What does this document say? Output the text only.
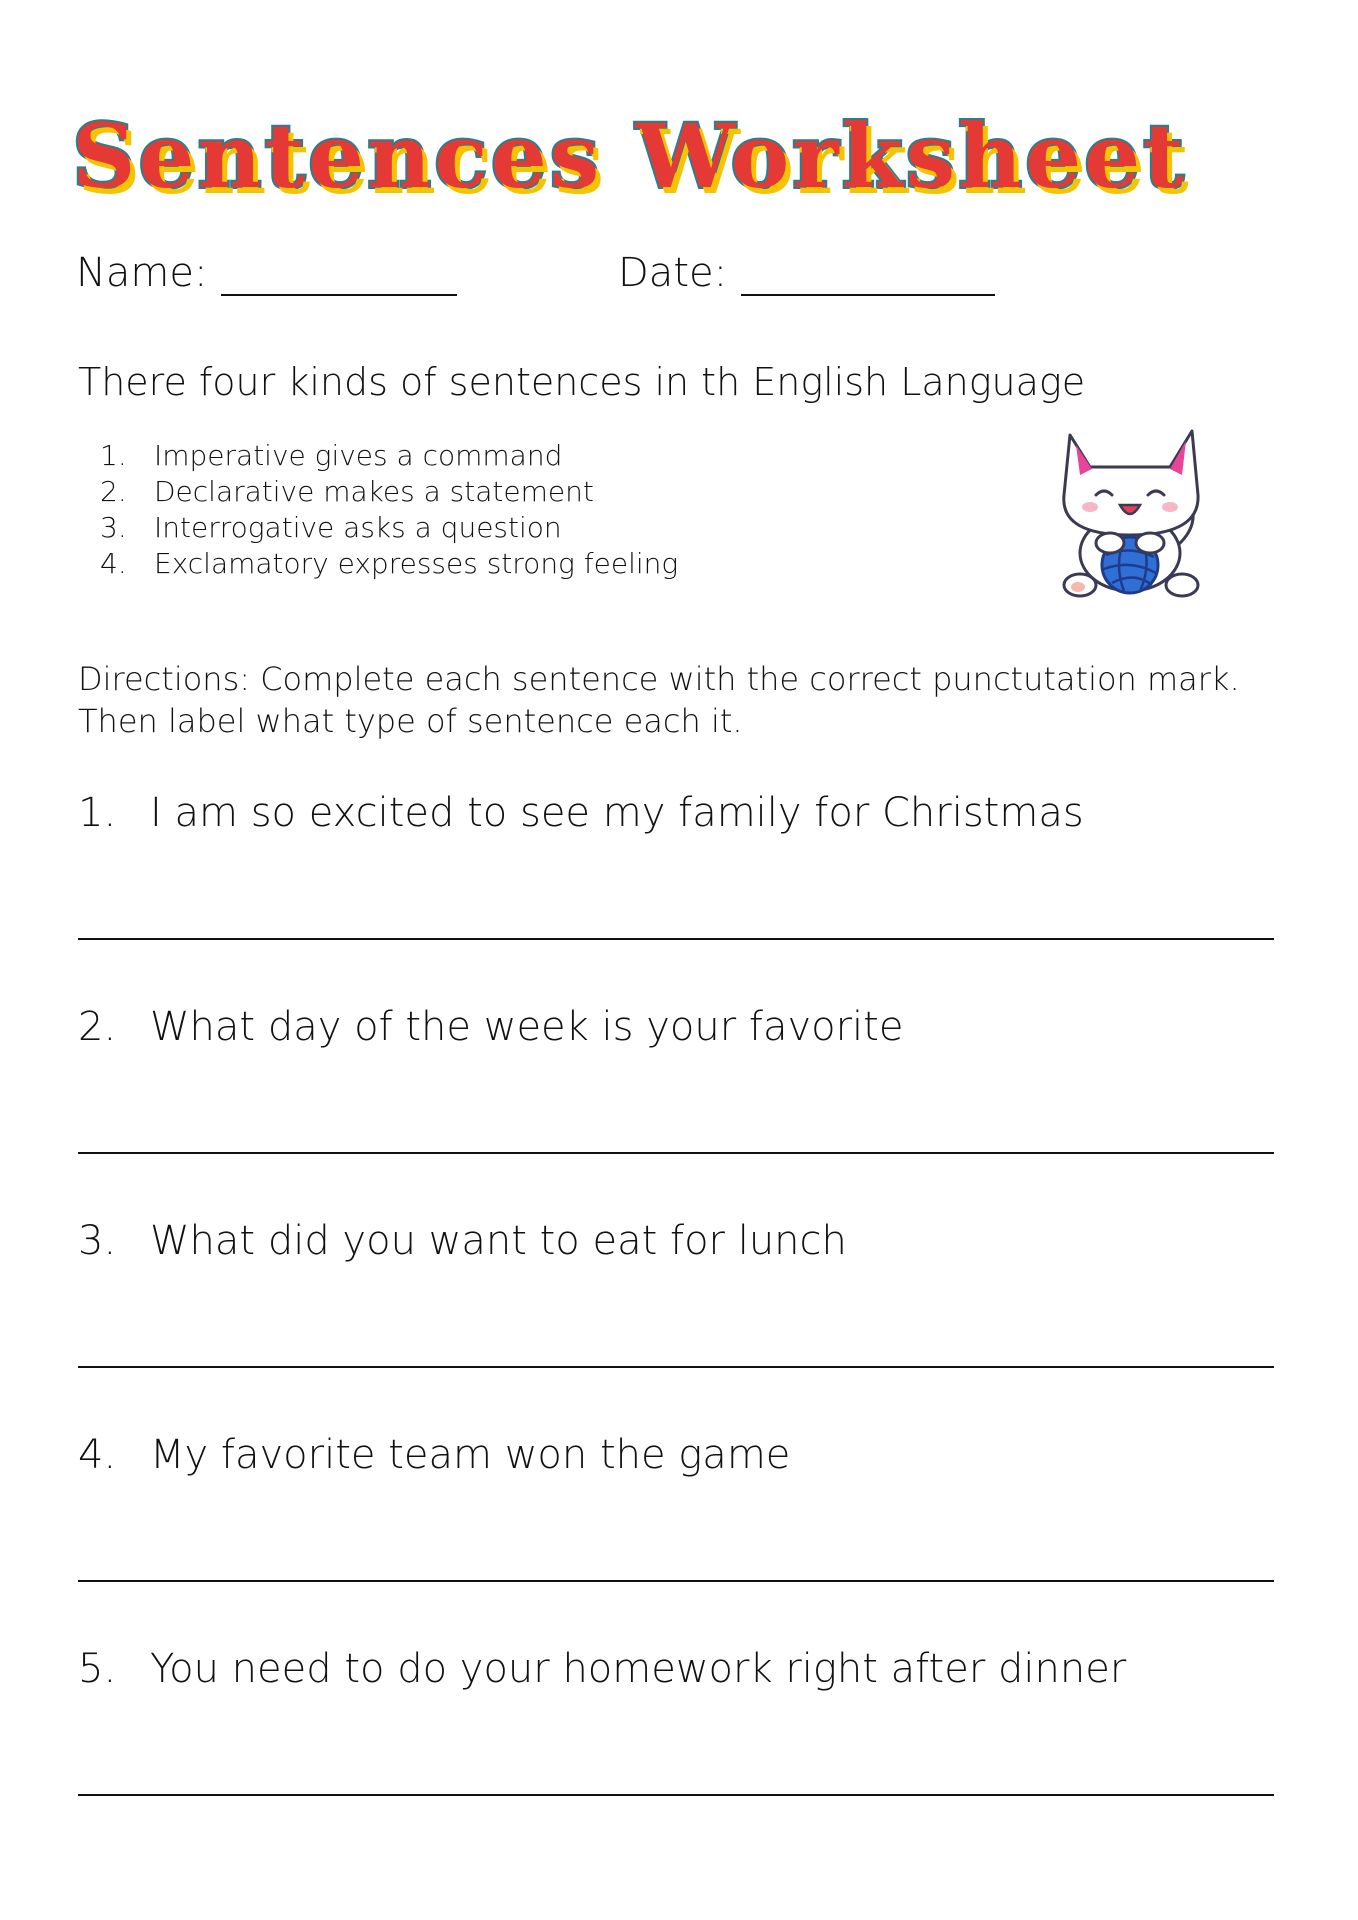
Sentences Worksheet
Name:	Date:
There four kinds of sentences in th English Language
1. Imperative gives a command
2. Declarative makes a statement
3. Interrogative asks a question
4. Exclamatory expresses strong feeling
Directions: Complete each sentence with the correct punctutation mark. Then label what type of sentence each it.
1. I am so excited to see my family for Christmas
2. What day of the week is your favorite
3. What did you want to eat for lunch
4. My favorite team won the game
5. You need to do your homework right after dinner
